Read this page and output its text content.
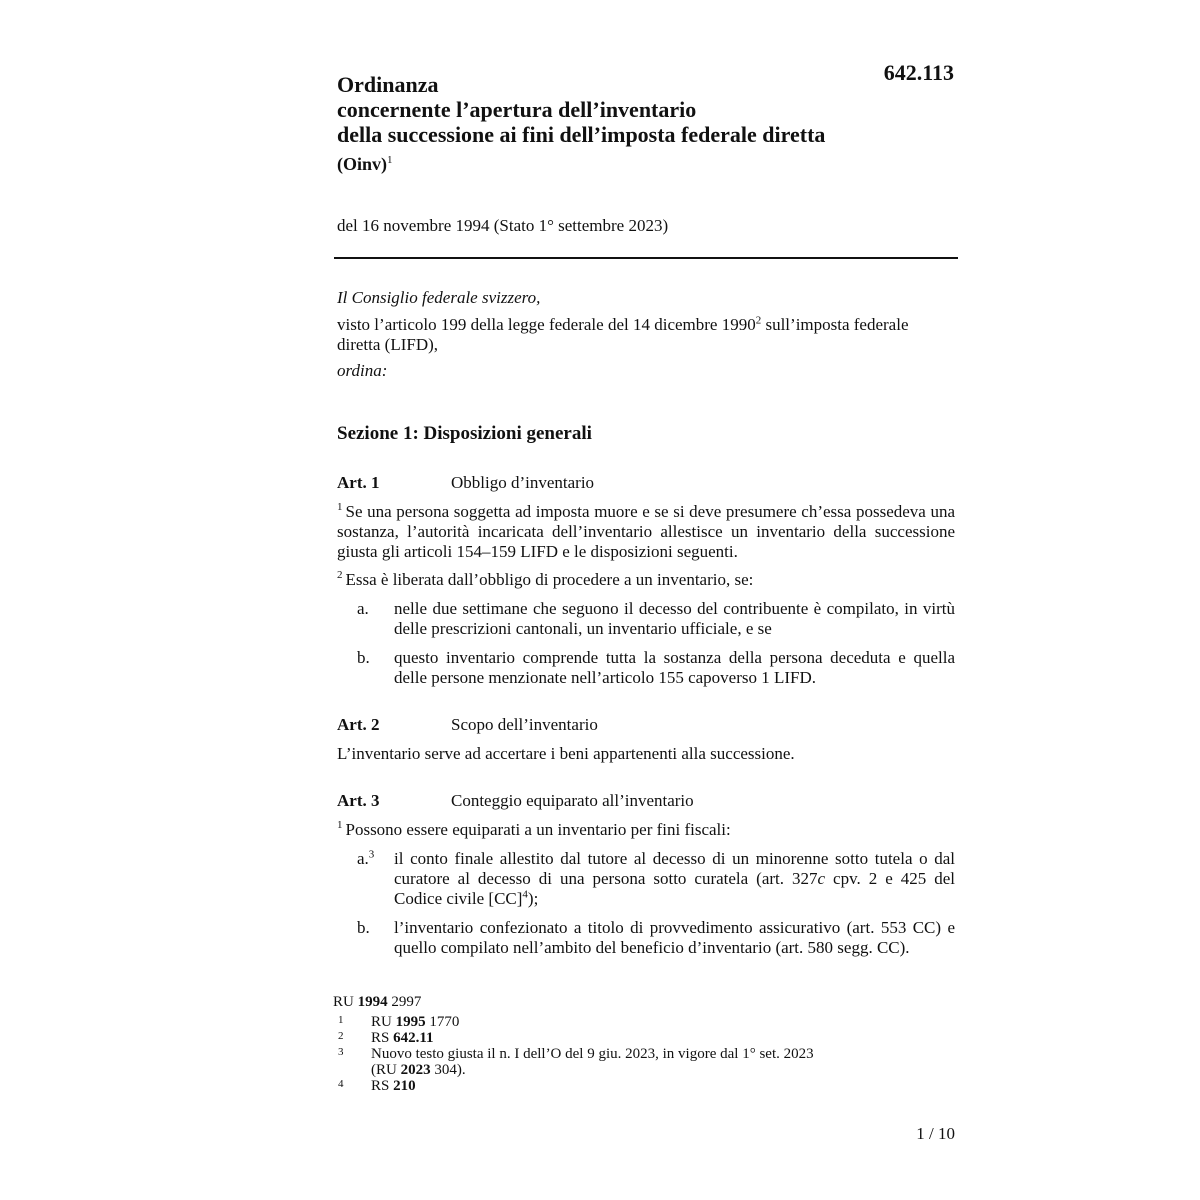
642.113

Ordinanza

concernente l’apertura dell’inventario

della successione ai fini dell’imposta federale diretta

(Oinv)$^1$
del 16 novembre 1994 (Stato 1° settembre 2023)
Il Consiglio federale svizzero,
visto l’articolo 199 della legge federale del 14 dicembre 1990$^2$ sull’imposta federale diretta (LIFD),
ordina:
Sezione 1: Disposizioni generali
Art. 1	Obbligo d’inventario
$^1$ Se una persona soggetta ad imposta muore e se si deve presumere ch’essa possedeva una sostanza, l’autorità incaricata dell’inventario allestisce un inventario della successione giusta gli articoli 154–159 LIFD e le disposizioni seguenti.
$^2$ Essa è liberata dall’obbligo di procedere a un inventario, se:
a.	nelle due settimane che seguono il decesso del contribuente è compilato, in virtù delle prescrizioni cantonali, un inventario ufficiale, e se
b.	questo inventario comprende tutta la sostanza della persona deceduta e quella delle persone menzionate nell’articolo 155 capoverso 1 LIFD.
Art. 2	Scopo dell’inventario
L’inventario serve ad accertare i beni appartenenti alla successione.
Art. 3	Conteggio equiparato all’inventario
$^1$ Possono essere equiparati a un inventario per fini fiscali:
a.$^3$	il conto finale allestito dal tutore al decesso di un minorenne sotto tutela o dal curatore al decesso di una persona sotto curatela (art. 327c cpv. 2 e 425 del Codice civile [CC]$^4$);
b.	l’inventario confezionato a titolo di provvedimento assicurativo (art. 553 CC) e quello compilato nell’ambito del beneficio d’inventario (art. 580 segg. CC).
RU 1994 2997
1 RU 1995 1770
2 RS 642.11
3 Nuovo testo giusta il n. I dell’O del 9 giu. 2023, in vigore dal 1° set. 2023
(RU 2023 304).
4 RS 210
1 / 10
